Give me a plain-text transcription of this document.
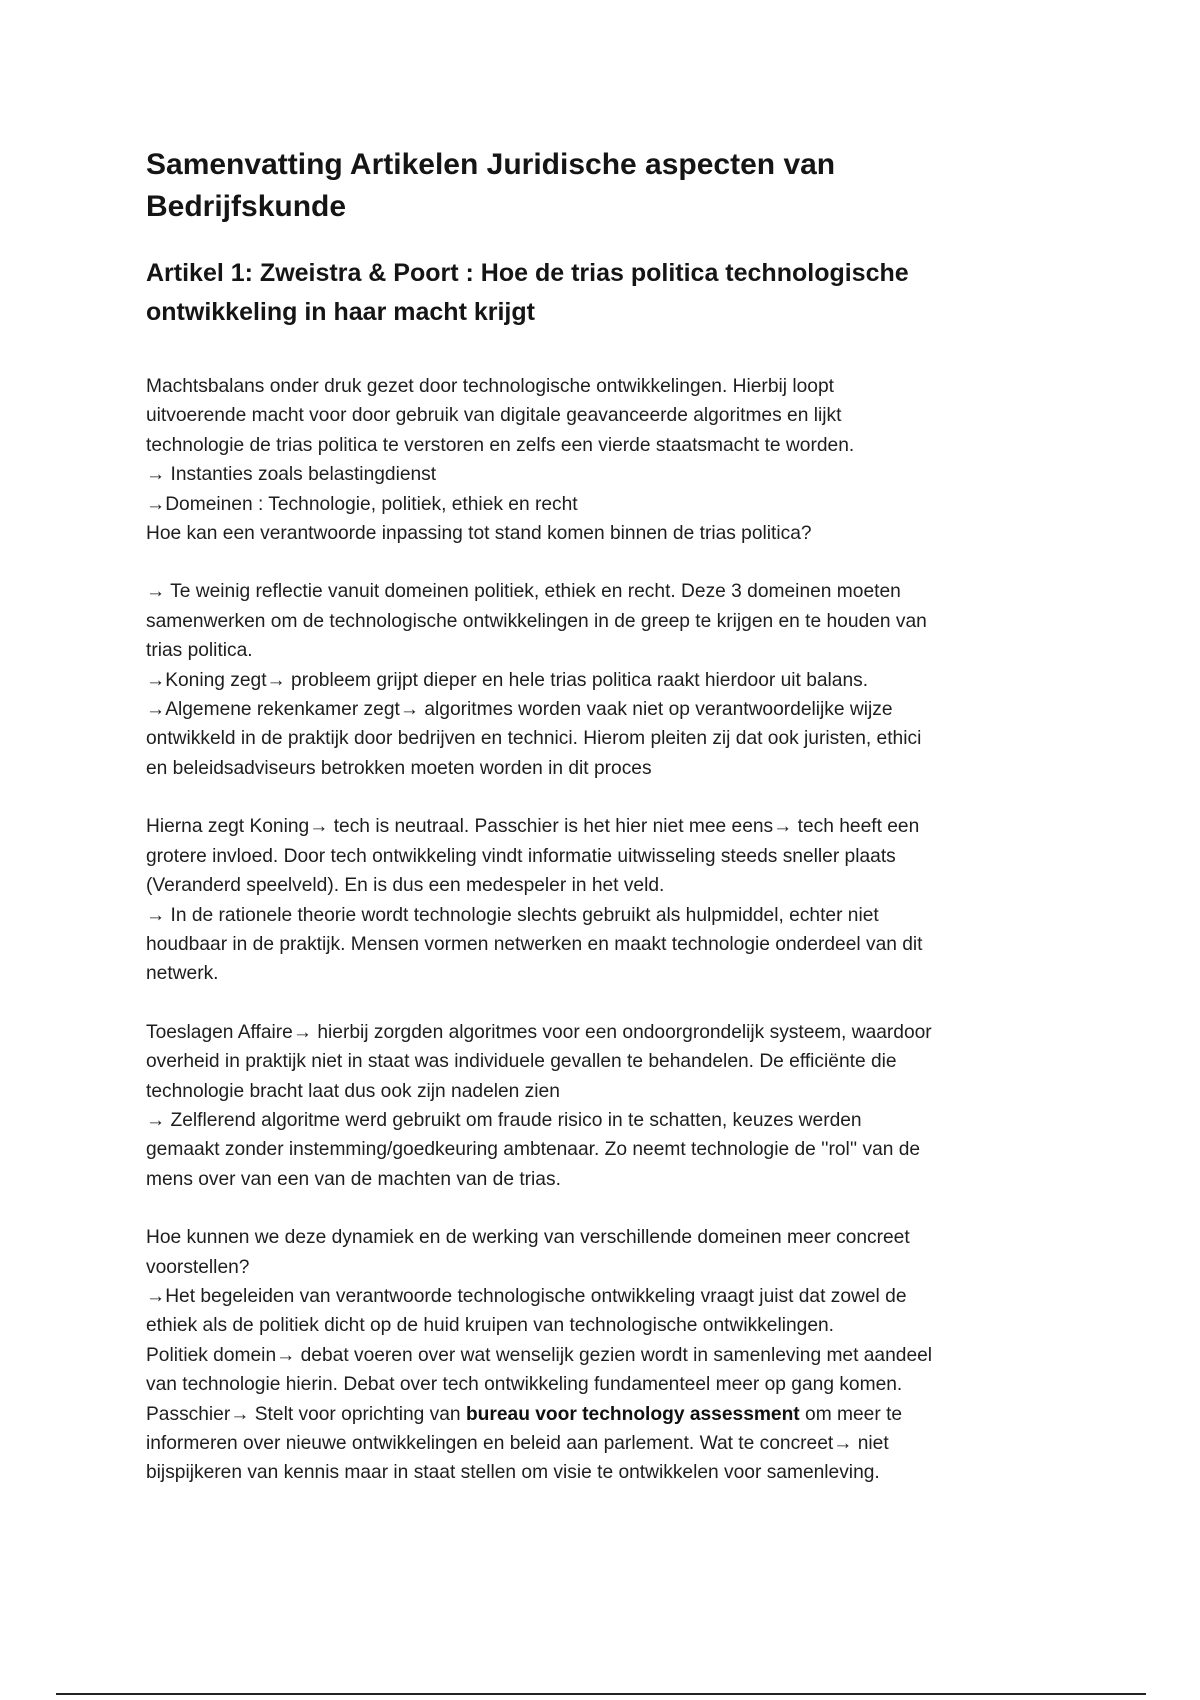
Samenvatting Artikelen Juridische aspecten van
Bedrijfskunde
Artikel 1: Zweistra & Poort : Hoe de trias politica technologische
ontwikkeling in haar macht krijgt
Machtsbalans onder druk gezet door technologische ontwikkelingen. Hierbij loopt
uitvoerende macht voor door gebruik van digitale geavanceerde algoritmes en lijkt
technologie de trias politica te verstoren en zelfs een vierde staatsmacht te worden.
→ Instanties zoals belastingdienst
→Domeinen : Technologie, politiek, ethiek en recht
Hoe kan een verantwoorde inpassing tot stand komen binnen de trias politica?
→ Te weinig reflectie vanuit domeinen politiek, ethiek en recht. Deze 3 domeinen moeten
samenwerken om de technologische ontwikkelingen in de greep te krijgen en te houden van
trias politica.
→Koning zegt→ probleem grijpt dieper en hele trias politica raakt hierdoor uit balans.
→Algemene rekenkamer zegt→ algoritmes worden vaak niet op verantwoordelijke wijze
ontwikkeld in de praktijk door bedrijven en technici. Hierom pleiten zij dat ook juristen, ethici
en beleidsadviseurs betrokken moeten worden in dit proces
Hierna zegt Koning→ tech is neutraal. Passchier is het hier niet mee eens→ tech heeft een
grotere invloed. Door tech ontwikkeling vindt informatie uitwisseling steeds sneller plaats
(Veranderd speelveld). En is dus een medespeler in het veld.
→ In de rationele theorie wordt technologie slechts gebruikt als hulpmiddel, echter niet
houdbaar in de praktijk. Mensen vormen netwerken en maakt technologie onderdeel van dit
netwerk.
Toeslagen Affaire→ hierbij zorgden algoritmes voor een ondoorgrondelijk systeem, waardoor
overheid in praktijk niet in staat was individuele gevallen te behandelen. De efficiënte die
technologie bracht laat dus ook zijn nadelen zien
→ Zelflerend algoritme werd gebruikt om fraude risico in te schatten, keuzes werden
gemaakt zonder instemming/goedkeuring ambtenaar. Zo neemt technologie de ''rol'' van de
mens over van een van de machten van de trias.
Hoe kunnen we deze dynamiek en de werking van verschillende domeinen meer concreet
voorstellen?
→Het begeleiden van verantwoorde technologische ontwikkeling vraagt juist dat zowel de
ethiek als de politiek dicht op de huid kruipen van technologische ontwikkelingen.
Politiek domein→ debat voeren over wat wenselijk gezien wordt in samenleving met aandeel
van technologie hierin. Debat over tech ontwikkeling fundamenteel meer op gang komen.
Passchier→ Stelt voor oprichting van bureau voor technology assessment om meer te
informeren over nieuwe ontwikkelingen en beleid aan parlement. Wat te concreet→ niet
bijspijkeren van kennis maar in staat stellen om visie te ontwikkelen voor samenleving.
